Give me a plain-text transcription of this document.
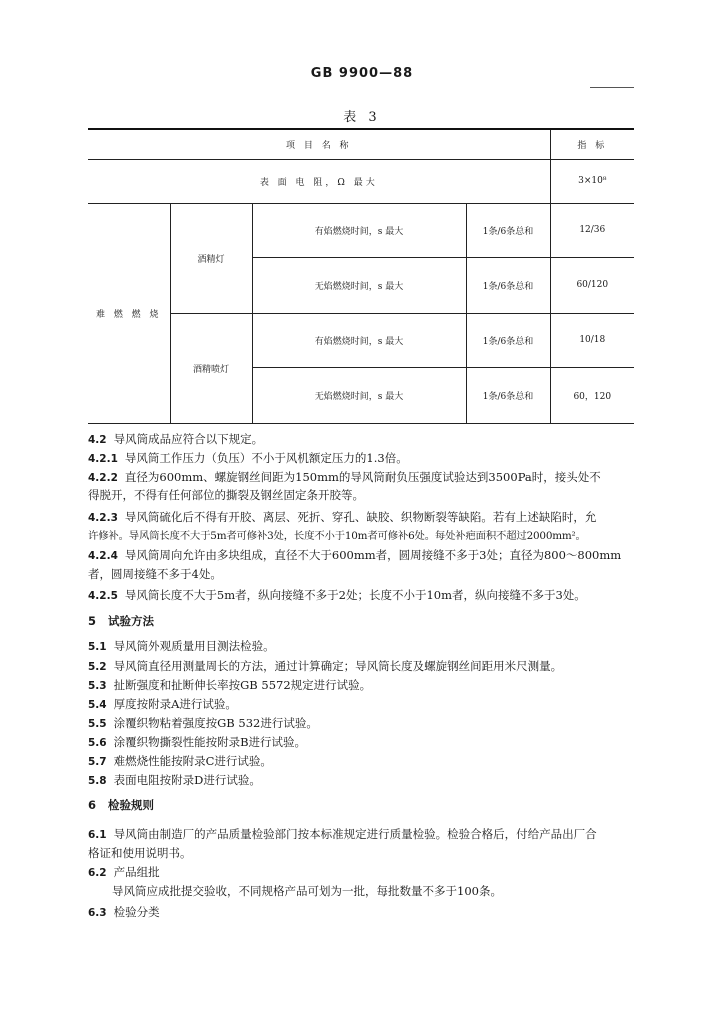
GB 9900—88
表 3
项 目 名 称				指 标
表 面 电 阻，Ω 最大				3×10⁸
难 燃 燃 烧	酒精灯	有焰燃烧时间，s 最大	1条/6条总和	12/36
		无焰燃烧时间，s 最大	1条/6条总和	60/120
	酒精喷灯	有焰燃烧时间，s 最大	1条/6条总和	10/18
		无焰燃烧时间，s 最大	1条/6条总和	60，120
4.2 导风筒成品应符合以下规定。
4.2.1 导风筒工作压力（负压）不小于风机额定压力的1.3倍。
4.2.2 直径为600mm、螺旋钢丝间距为150mm的导风筒耐负压强度试验达到3500Pa时，接头处不
得脱开，不得有任何部位的撕裂及钢丝固定条开胶等。
4.2.3 导风筒硫化后不得有开胶、离层、死折、穿孔、缺胶、织物断裂等缺陷。若有上述缺陷时，允
许修补。导风筒长度不大于5m者可修补3处，长度不小于10m者可修补6处。每处补疤面积不超过2000mm²。
4.2.4 导风筒周向允许由多块组成，直径不大于600mm者，圆周接缝不多于3处；直径为800～800mm
者，圆周接缝不多于4处。
4.2.5 导风筒长度不大于5m者，纵向接缝不多于2处；长度不小于10m者，纵向接缝不多于3处。
5 试验方法
5.1 导风筒外观质量用目测法检验。
5.2 导风筒直径用测量周长的方法，通过计算确定；导风筒长度及螺旋钢丝间距用米尺测量。
5.3 扯断强度和扯断伸长率按GB 5572规定进行试验。
5.4 厚度按附录A进行试验。
5.5 涂覆织物粘着强度按GB 532进行试验。
5.6 涂覆织物撕裂性能按附录B进行试验。
5.7 难燃烧性能按附录C进行试验。
5.8 表面电阻按附录D进行试验。
6 检验规则
6.1 导风筒由制造厂的产品质量检验部门按本标准规定进行质量检验。检验合格后，付给产品出厂合
格证和使用说明书。
6.2 产品组批
导风筒应成批提交验收，不同规格产品可划为一批，每批数量不多于100条。
6.3 检验分类
